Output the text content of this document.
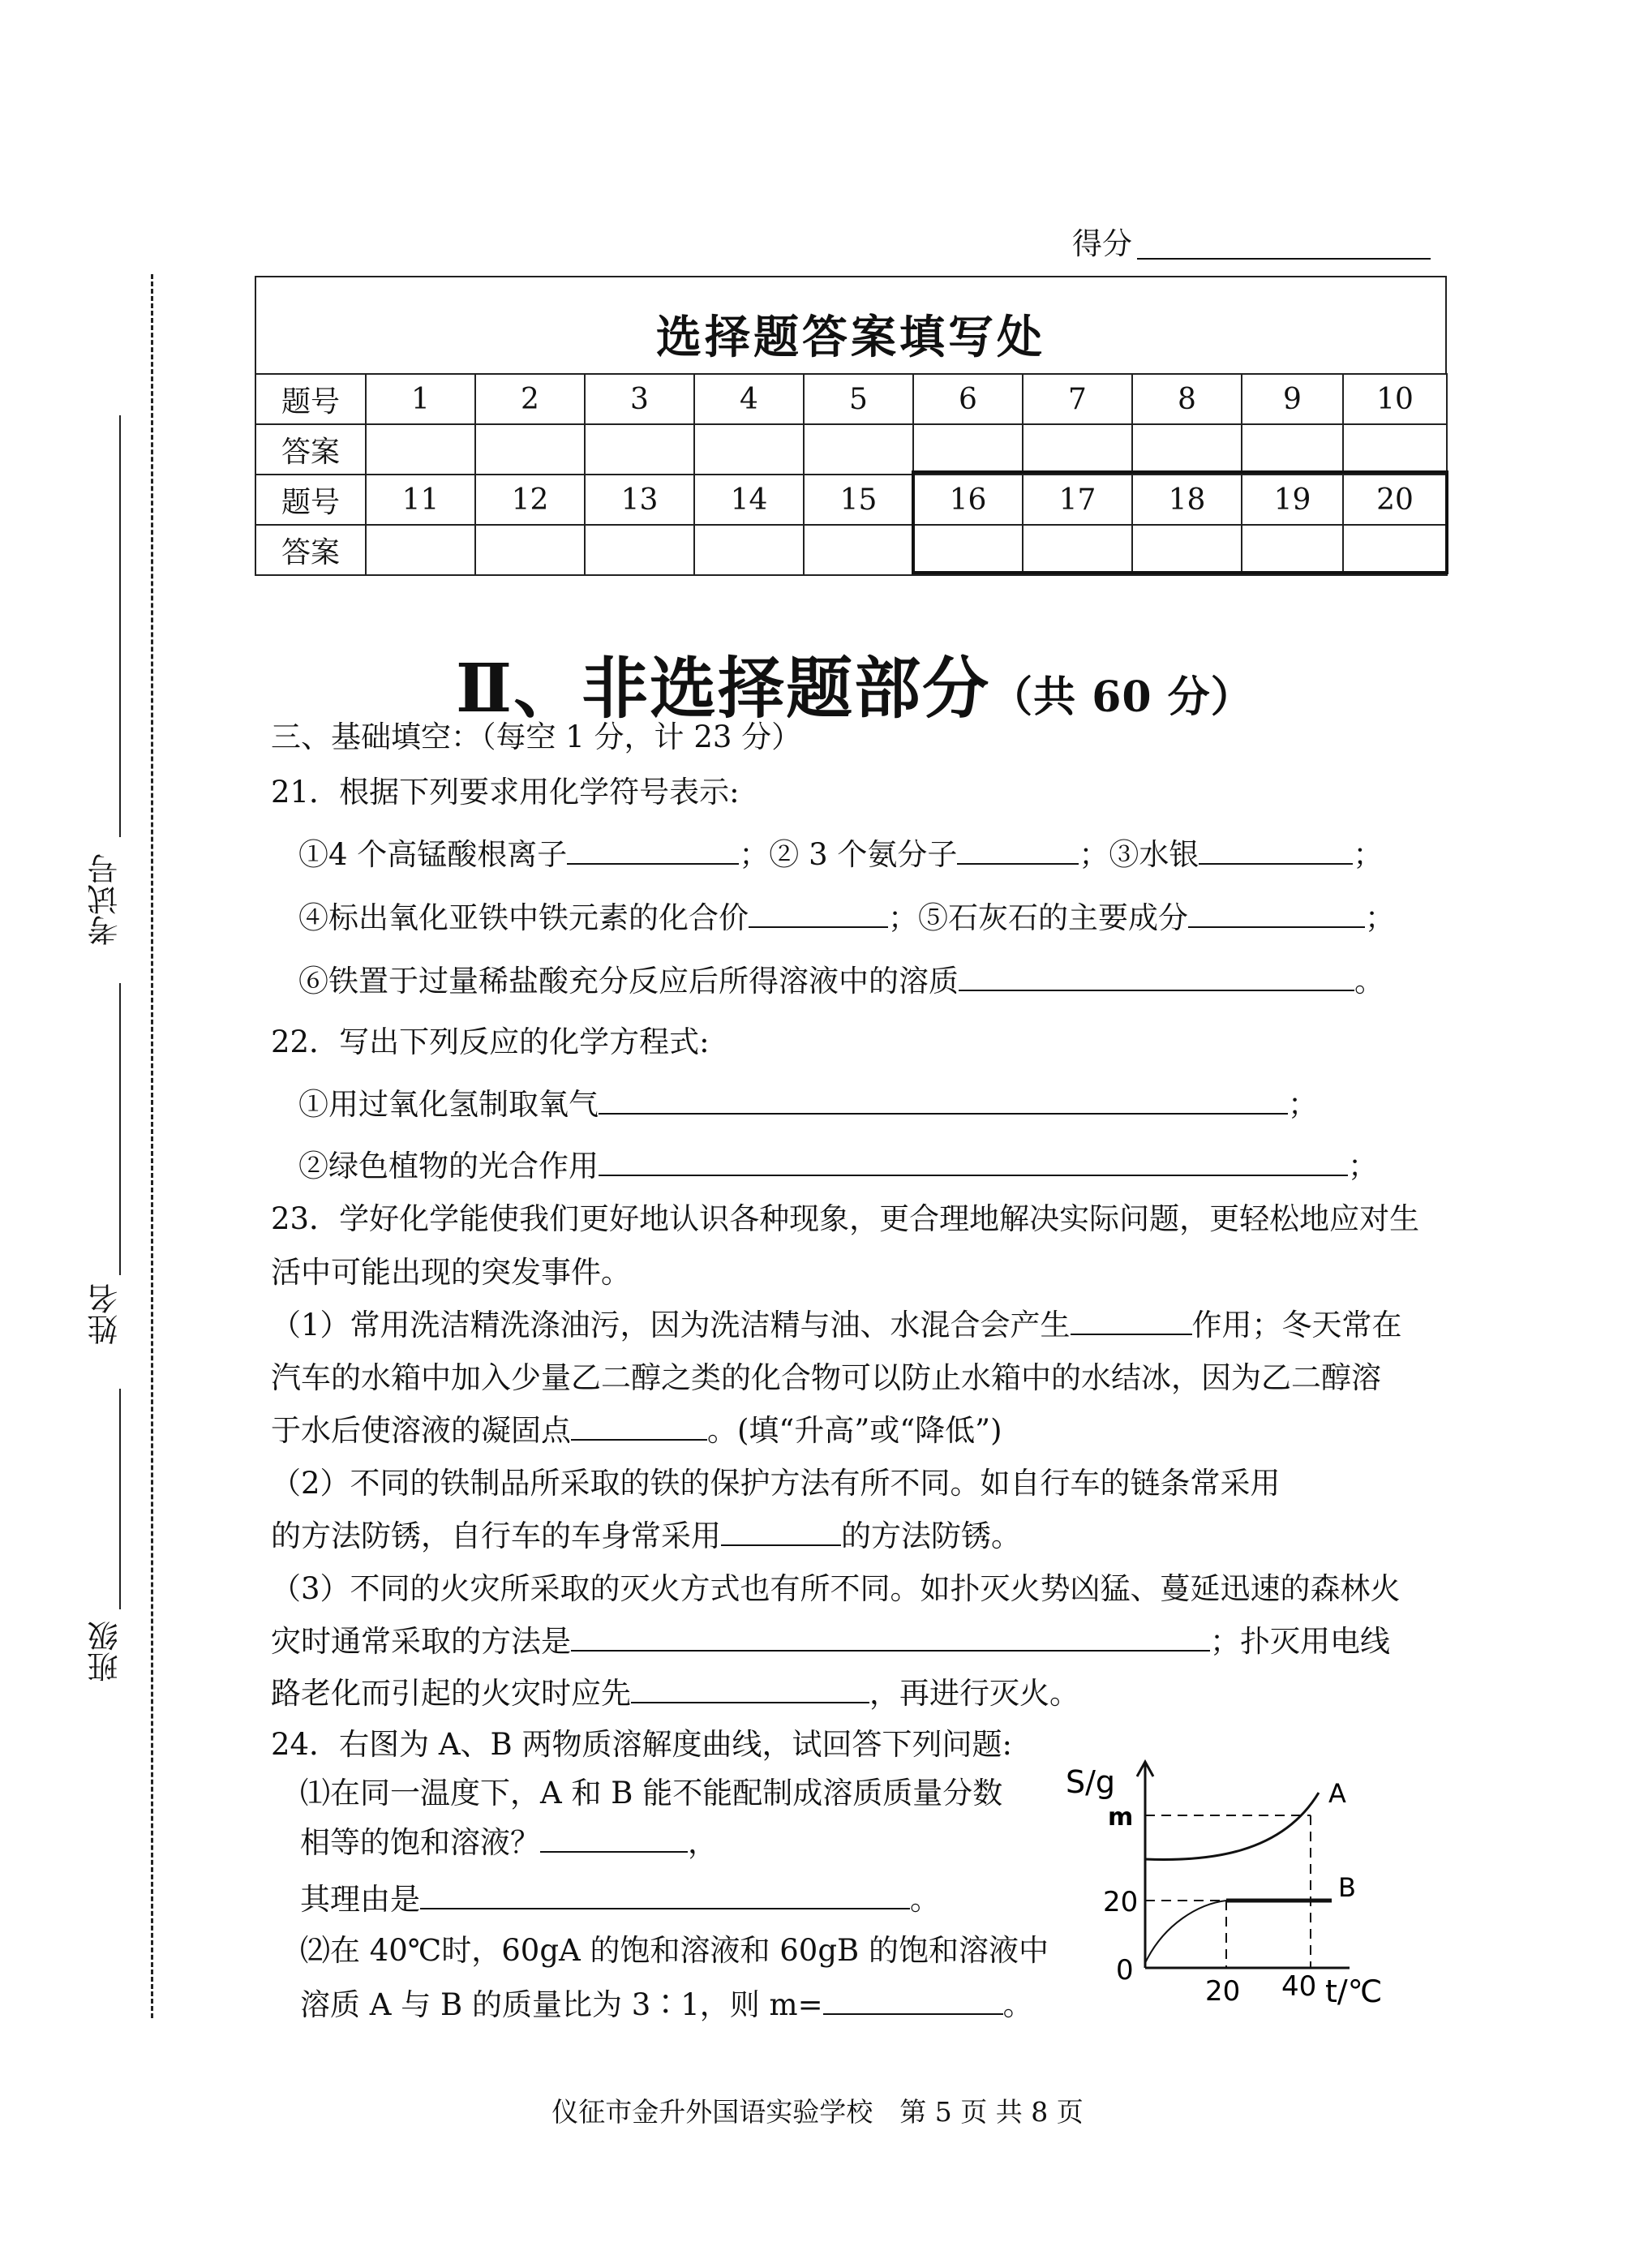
得分
考试号
姓名
班级
选择题答案填写处
题号	1	2	3	4	5	6	7	8	9	10
答案										
题号	11	12	13	14	15	16	17	18	19	20
答案										
Ⅱ、非选择题部分（共 60 分）
三、基础填空：（每空 1 分，计 23 分）
21．根据下列要求用化学符号表示:
①4 个高锰酸根离子	；② 3 个氨分子	；③水银	；
④标出氧化亚铁中铁元素的化合价	；⑤石灰石的主要成分	；
⑥铁置于过量稀盐酸充分反应后所得溶液中的溶质	。
22．写出下列反应的化学方程式:
①用过氧化氢制取氧气	；
②绿色植物的光合作用	；
23．学好化学能使我们更好地认识各种现象，更合理地解决实际问题，更轻松地应对生
活中可能出现的突发事件。
（1）常用洗洁精洗涤油污，因为洗洁精与油、水混合会产生	作用；冬天常在
汽车的水箱中加入少量乙二醇之类的化合物可以防止水箱中的水结冰，因为乙二醇溶
于水后使溶液的凝固点	。(填“升高”或“降低”)
（2）不同的铁制品所采取的铁的保护方法有所不同。如自行车的链条常采用
的方法防锈，自行车的车身常采用	的方法防锈。
（3）不同的火灾所采取的灭火方式也有所不同。如扑灭火势凶猛、蔓延迅速的森林火
灾时通常采取的方法是	；扑灭用电线
路老化而引起的火灾时应先	，再进行灭火。
24．右图为 A、B 两物质溶解度曲线，试回答下列问题:
⑴在同一温度下，A 和 B 能不能配制成溶质质量分数
相等的饱和溶液？	，
其理由是	。
⑵在 40℃时，60gA 的饱和溶液和 60gB 的饱和溶液中
溶质 A 与 B 的质量比为 3∶1，则 m=	。
S/g
m
20
0
20 40 t/℃
A
B
仪征市金升外国语实验学校　第 5 页 共 8 页
